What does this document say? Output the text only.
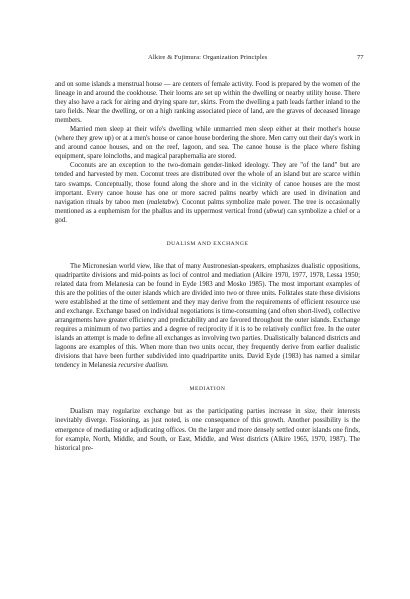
Alkire & Fujimura: Organization Principles	77

and on some islands a menstrual house — are centers of female activity. Food is prepared by the women of the lineage in and around the cookhouse. Their looms are set up within the dwelling or nearby utility house. There they also have a rack for airing and drying spare tur, skirts. From the dwelling a path leads farther inland to the taro fields. Near the dwelling, or on a high ranking associated piece of land, are the graves of deceased lineage members.

Married men sleep at their wife's dwelling while unmarried men sleep either at their mother's house (where they grew up) or at a men's house or canoe house bordering the shore. Men carry out their day's work in and around canoe houses, and on the reef, lagoon, and sea. The canoe house is the place where fishing equipment, spare loincloths, and magical paraphernalia are stored.

Coconuts are an exception to the two-domain gender-linked ideology. They are "of the land" but are tended and harvested by men. Coconut trees are distributed over the whole of an island but are scarce within taro swamps. Conceptually, those found along the shore and in the vicinity of canoe houses are the most important. Every canoe house has one or more sacred palms nearby which are used in divination and navigation rituals by taboo men (maletabw). Coconut palms symbolize male power. The tree is occasionally mentioned as a euphemism for the phallus and its uppermost vertical frond (ubwut) can symbolize a chief or a god.

DUALISM AND EXCHANGE

The Micronesian world view, like that of many Austronesian-speakers, emphasizes dualistic oppositions, quadripartite divisions and mid-points as loci of control and mediation (Alkire 1970, 1977, 1978, Lessa 1950; related data from Melanesia can be found in Eyde 1983 and Mosko 1985). The most important examples of this are the polities of the outer islands which are divided into two or three units. Folktales state these divisions were established at the time of settlement and they may derive from the requirements of efficient resource use and exchange. Exchange based on individual negotiations is time-consuming (and often short-lived), collective arrangements have greater efficiency and predictability and are favored throughout the outer islands. Exchange requires a minimum of two parties and a degree of reciprocity if it is to be relatively conflict free. In the outer islands an attempt is made to define all exchanges as involving two parties. Dualistically balanced districts and lagoons are examples of this. When more than two units occur, they frequently derive from earlier dualistic divisions that have been further subdivided into quadripartite units. David Eyde (1983) has named a similar tendency in Melanesia recursive dualism.

MEDIATION

Dualism may regularize exchange but as the participating parties increase in size, their interests inevitably diverge. Fissioning, as just noted, is one consequence of this growth. Another possibility is the emergence of mediating or adjudicating offices. On the larger and more densely settled outer islands one finds, for example, North, Middle, and South, or East, Middle, and West districts (Alkire 1965, 1970, 1987). The historical pre-
